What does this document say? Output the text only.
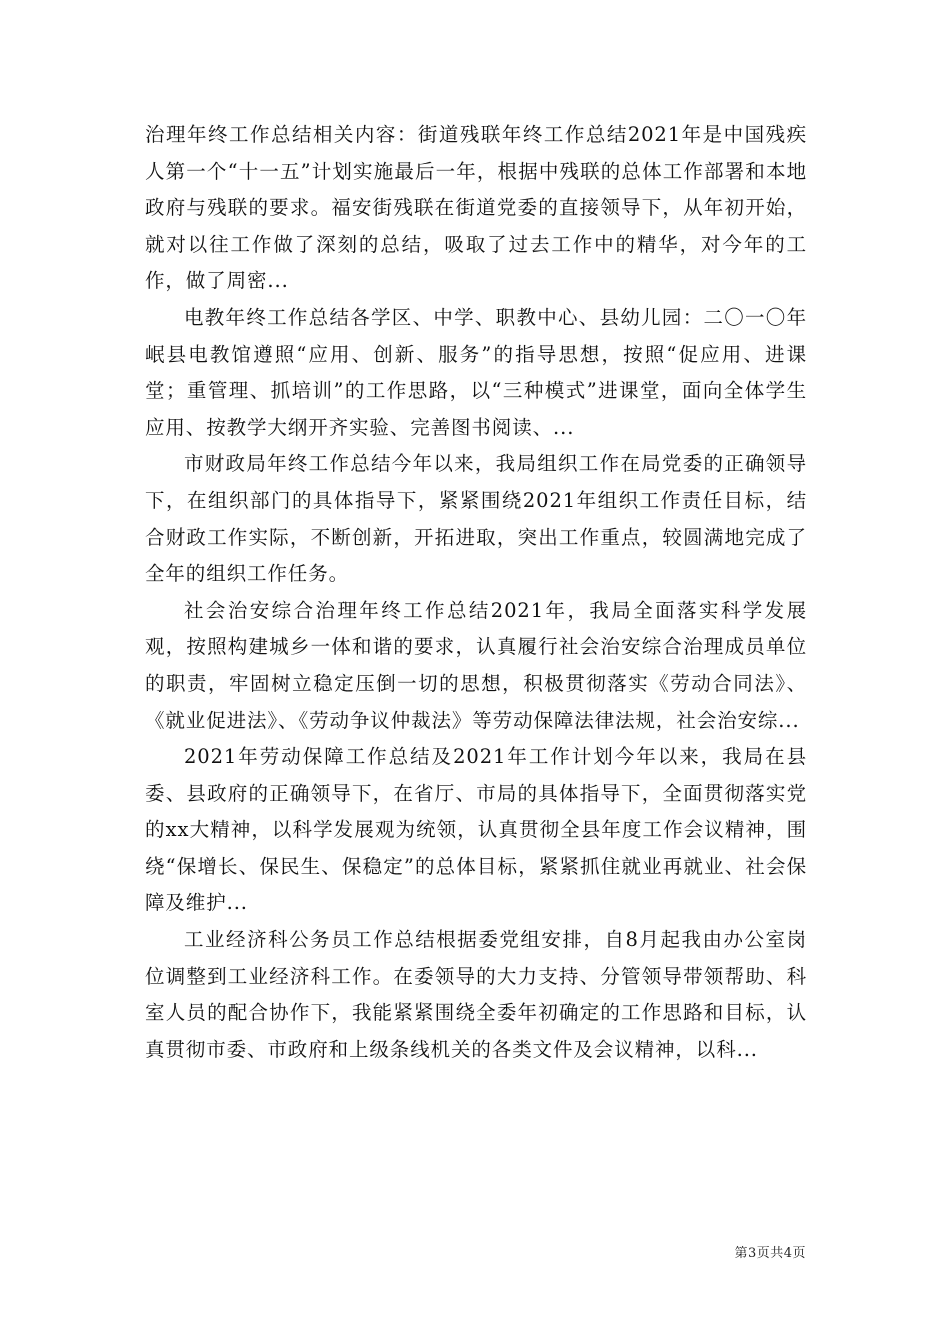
治理年终工作总结相关内容：街道残联年终工作总结2021年是中国残疾人第一个“十一五”计划实施最后一年，根据中残联的总体工作部署和本地政府与残联的要求。福安街残联在街道党委的直接领导下，从年初开始，就对以往工作做了深刻的总结，吸取了过去工作中的精华，对今年的工作，做了周密...

电教年终工作总结各学区、中学、职教中心、县幼儿园：二〇一〇年岷县电教馆遵照“应用、创新、服务”的指导思想，按照“促应用、进课堂；重管理、抓培训”的工作思路，以“三种模式”进课堂，面向全体学生应用、按教学大纲开齐实验、完善图书阅读、...

市财政局年终工作总结今年以来，我局组织工作在局党委的正确领导下，在组织部门的具体指导下，紧紧围绕2021年组织工作责任目标，结合财政工作实际，不断创新，开拓进取，突出工作重点，较圆满地完成了全年的组织工作任务。

社会治安综合治理年终工作总结2021年，我局全面落实科学发展观，按照构建城乡一体和谐的要求，认真履行社会治安综合治理成员单位的职责，牢固树立稳定压倒一切的思想，积极贯彻落实《劳动合同法》、《就业促进法》、《劳动争议仲裁法》等劳动保障法律法规，社会治安综...

2021年劳动保障工作总结及2021年工作计划今年以来，我局在县委、县政府的正确领导下，在省厅、市局的具体指导下，全面贯彻落实党的xx大精神，以科学发展观为统领，认真贯彻全县年度工作会议精神，围绕“保增长、保民生、保稳定”的总体目标，紧紧抓住就业再就业、社会保障及维护...

工业经济科公务员工作总结根据委党组安排，自8月起我由办公室岗位调整到工业经济科工作。在委领导的大力支持、分管领导带领帮助、科室人员的配合协作下，我能紧紧围绕全委年初确定的工作思路和目标，认真贯彻市委、市政府和上级条线机关的各类文件及会议精神，以科...

第3页共4页
